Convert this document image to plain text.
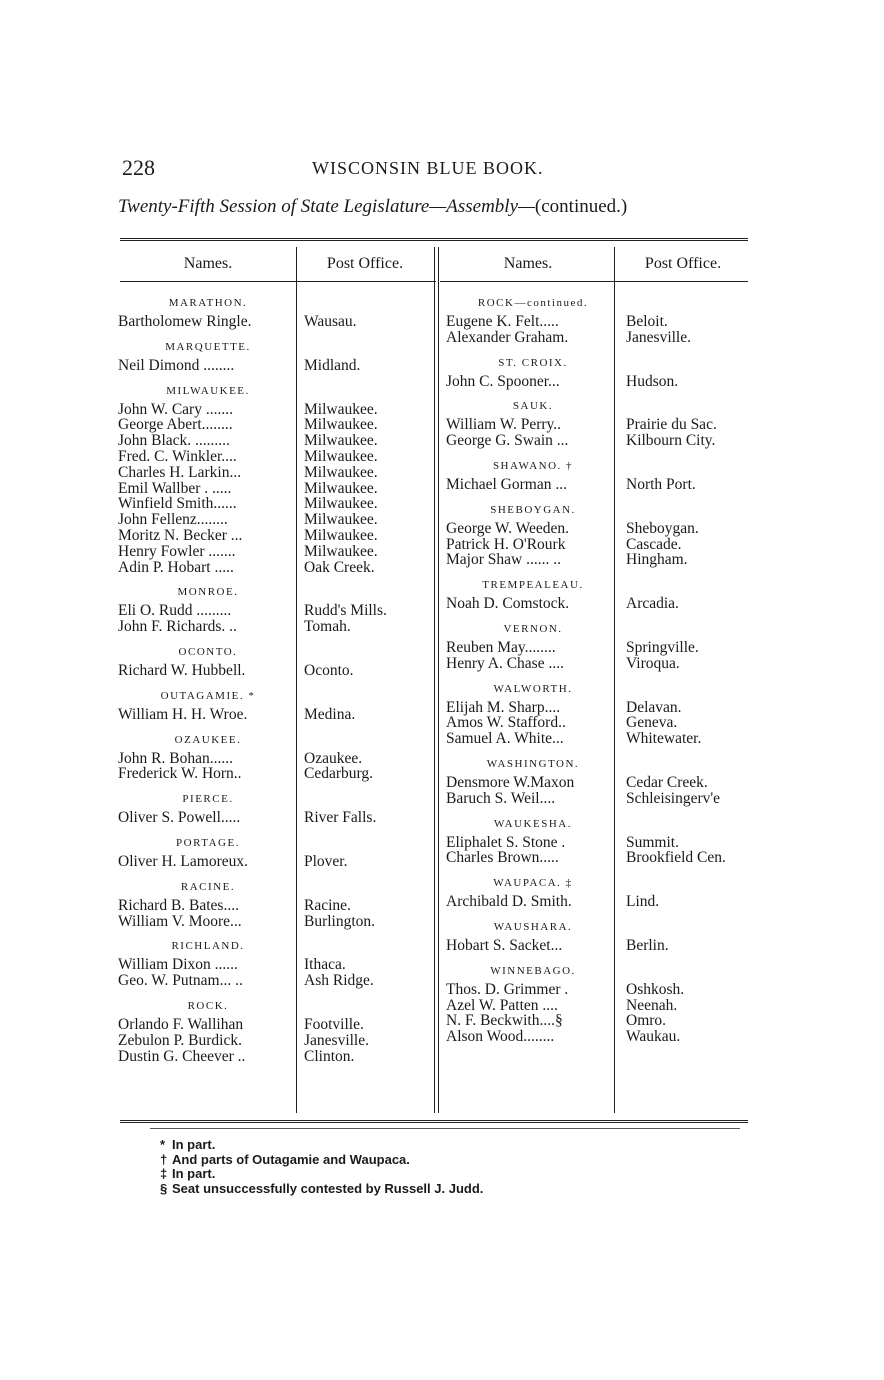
228	WISCONSIN BLUE BOOK.
Twenty-Fifth Session of State Legislature—Assembly—(continued.)
Names.	Post Office.	Names.	Post Office.
MARATHON.
Bartholomew Ringle.	Wausau.
MARQUETTE.
Neil Dimond ........	Midland.
MILWAUKEE.
John W. Cary .......	Milwaukee.
George Abert........	Milwaukee.
John Black. .........	Milwaukee.
Fred. C. Winkler....	Milwaukee.
Charles H. Larkin...	Milwaukee.
Emil Wallber . .....	Milwaukee.
Winfield Smith......	Milwaukee.
John Fellenz........	Milwaukee.
Moritz N. Becker ...	Milwaukee.
Henry Fowler .......	Milwaukee.
Adin P. Hobart .....	Oak Creek.
MONROE.
Eli O. Rudd .........	Rudd's Mills.
John F. Richards. ..	Tomah.
OCONTO.
Richard W. Hubbell.	Oconto.
OUTAGAMIE. *
William H. H. Wroe.	Medina.
OZAUKEE.
John R. Bohan......	Ozaukee.
Frederick W. Horn..	Cedarburg.
PIERCE.
Oliver S. Powell.....	River Falls.
PORTAGE.
Oliver H. Lamoreux.	Plover.
RACINE.
Richard B. Bates....	Racine.
William V. Moore...	Burlington.
RICHLAND.
William Dixon ......	Ithaca.
Geo. W. Putnam... ..	Ash Ridge.
ROCK.
Orlando F. Wallihan	Footville.
Zebulon P. Burdick.	Janesville.
Dustin G. Cheever ..	Clinton.
ROCK—continued.
Eugene K. Felt.....	Beloit.
Alexander Graham.	Janesville.
ST. CROIX.
John C. Spooner...	Hudson.
SAUK.
William W. Perry..	Prairie du Sac.
George G. Swain ...	Kilbourn City.
SHAWANO. †
Michael Gorman ...	North Port.
SHEBOYGAN.
George W. Weeden.	Sheboygan.
Patrick H. O'Rourk	Cascade.
Major Shaw ...... ..	Hingham.
TREMPEALEAU.
Noah D. Comstock.	Arcadia.
VERNON.
Reuben May........	Springville.
Henry A. Chase ....	Viroqua.
WALWORTH.
Elijah M. Sharp....	Delavan.
Amos W. Stafford..	Geneva.
Samuel A. White...	Whitewater.
WASHINGTON.
Densmore W.Maxon	Cedar Creek.
Baruch S. Weil....	Schleisingerv'e
WAUKESHA.
Eliphalet S. Stone .	Summit.
Charles Brown.....	Brookfield Cen.
WAUPACA. ‡
Archibald D. Smith.	Lind.
WAUSHARA.
Hobart S. Sacket...	Berlin.
WINNEBAGO.
Thos. D. Grimmer .	Oshkosh.
Azel W. Patten ....	Neenah.
N. F. Beckwith....§	Omro.
Alson Wood........	Waukau.
* In part.
† And parts of Outagamie and Waupaca.
‡ In part.
§ Seat unsuccessfully contested by Russell J. Judd.
